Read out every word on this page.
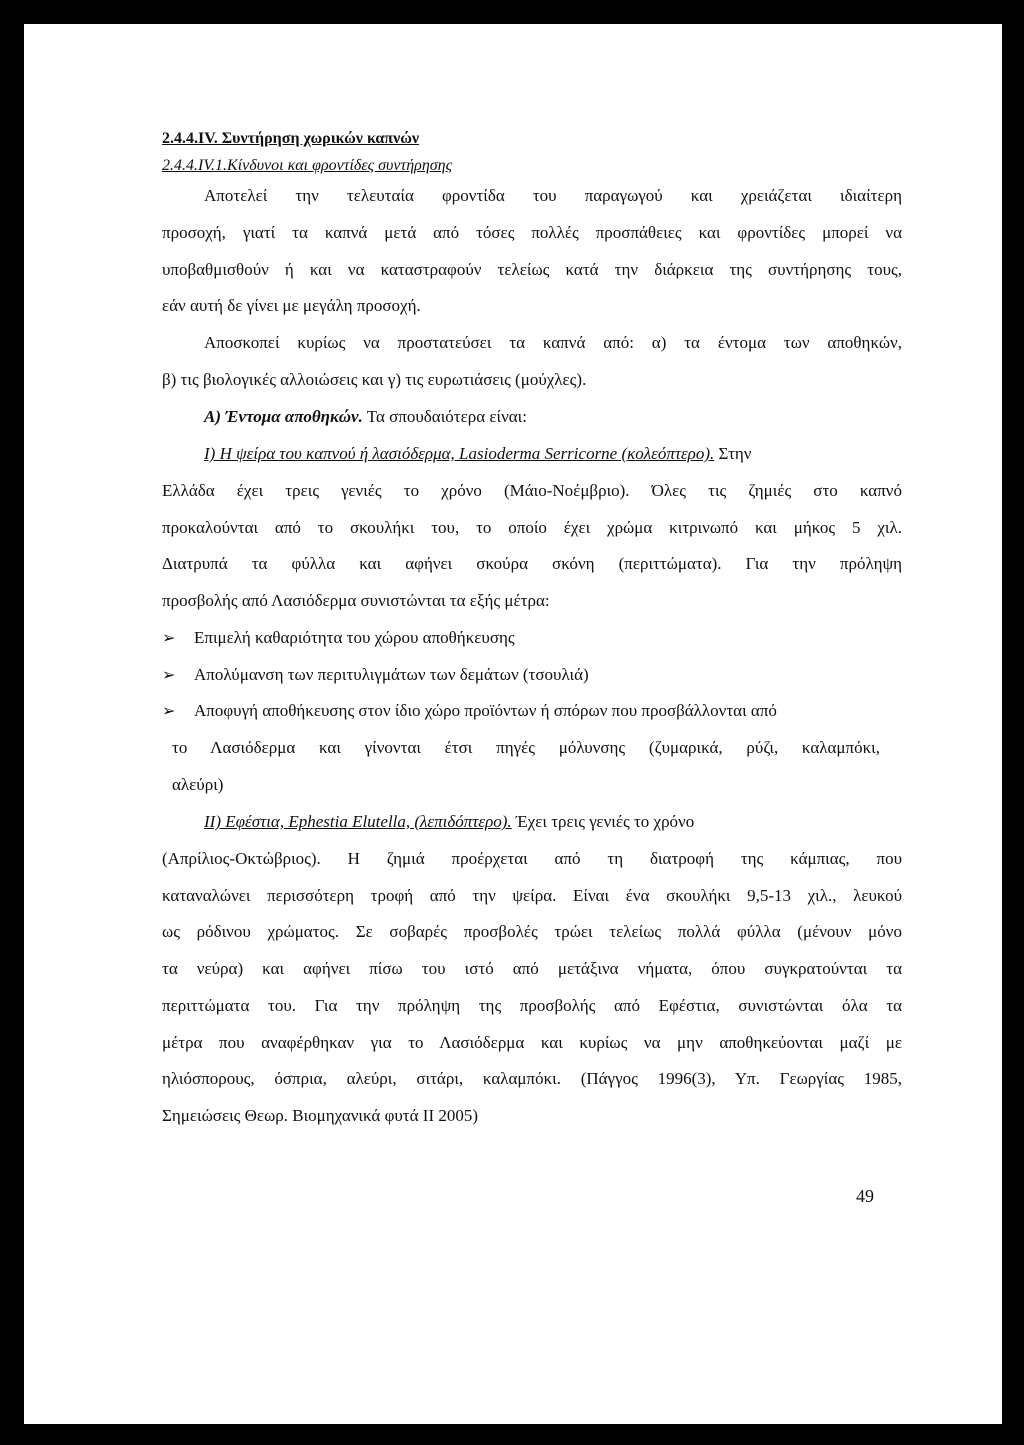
2.4.4.IV. Συντήρηση χωρικών καπνών
2.4.4.IV.1.Κίνδυνοι και φροντίδες συντήρησης
Αποτελεί την τελευταία φροντίδα του παραγωγού και χρειάζεται ιδιαίτερη
προσοχή, γιατί τα καπνά μετά από τόσες πολλές προσπάθειες και φροντίδες μπορεί να
υποβαθμισθούν ή και να καταστραφούν τελείως κατά την διάρκεια της συντήρησης τους,
εάν αυτή δε γίνει με μεγάλη προσοχή.
Αποσκοπεί κυρίως να προστατεύσει τα καπνά από: α) τα έντομα των αποθηκών,
β) τις βιολογικές αλλοιώσεις και γ) τις ευρωτιάσεις (μούχλες).
Α) Έντομα αποθηκών. Τα σπουδαιότερα είναι:
Ι) Η ψείρα του καπνού ή λασιόδερμα, Lasioderma Serricorne (κολεόπτερο). Στην
Ελλάδα έχει τρεις γενιές το χρόνο (Μάιο-Νοέμβριο). Όλες τις ζημιές στο καπνό
προκαλούνται από το σκουλήκι του, το οποίο έχει χρώμα κιτρινωπό και μήκος 5 χιλ.
Διατρυπά τα φύλλα και αφήνει σκούρα σκόνη (περιττώματα). Για την πρόληψη
προσβολής από Λασιόδερμα συνιστώνται τα εξής μέτρα:
➢ Επιμελή καθαριότητα του χώρου αποθήκευσης
➢ Απολύμανση των περιτυλιγμάτων των δεμάτων (τσουλιά)
➢ Αποφυγή αποθήκευσης στον ίδιο χώρο προϊόντων ή σπόρων που προσβάλλονται από
το Λασιόδερμα και γίνονται έτσι πηγές μόλυνσης (ζυμαρικά, ρύζι, καλαμπόκι,
αλεύρι)
ΙΙ) Εφέστια, Ephestia Elutella, (λεπιδόπτερο). Έχει τρεις γενιές το χρόνο
(Απρίλιος-Οκτώβριος). Η ζημιά προέρχεται από τη διατροφή της κάμπιας, που
καταναλώνει περισσότερη τροφή από την ψείρα. Είναι ένα σκουλήκι 9,5-13 χιλ., λευκού
ως ρόδινου χρώματος. Σε σοβαρές προσβολές τρώει τελείως πολλά φύλλα (μένουν μόνο
τα νεύρα) και αφήνει πίσω του ιστό από μετάξινα νήματα, όπου συγκρατούνται τα
περιττώματα του. Για την πρόληψη της προσβολής από Εφέστια, συνιστώνται όλα τα
μέτρα που αναφέρθηκαν για το Λασιόδερμα και κυρίως να μην αποθηκεύονται μαζί με
ηλιόσπορους, όσπρια, αλεύρι, σιτάρι, καλαμπόκι. (Πάγγος 1996(3), Υπ. Γεωργίας 1985,
Σημειώσεις Θεωρ. Βιομηχανικά φυτά ΙΙ 2005)
49
